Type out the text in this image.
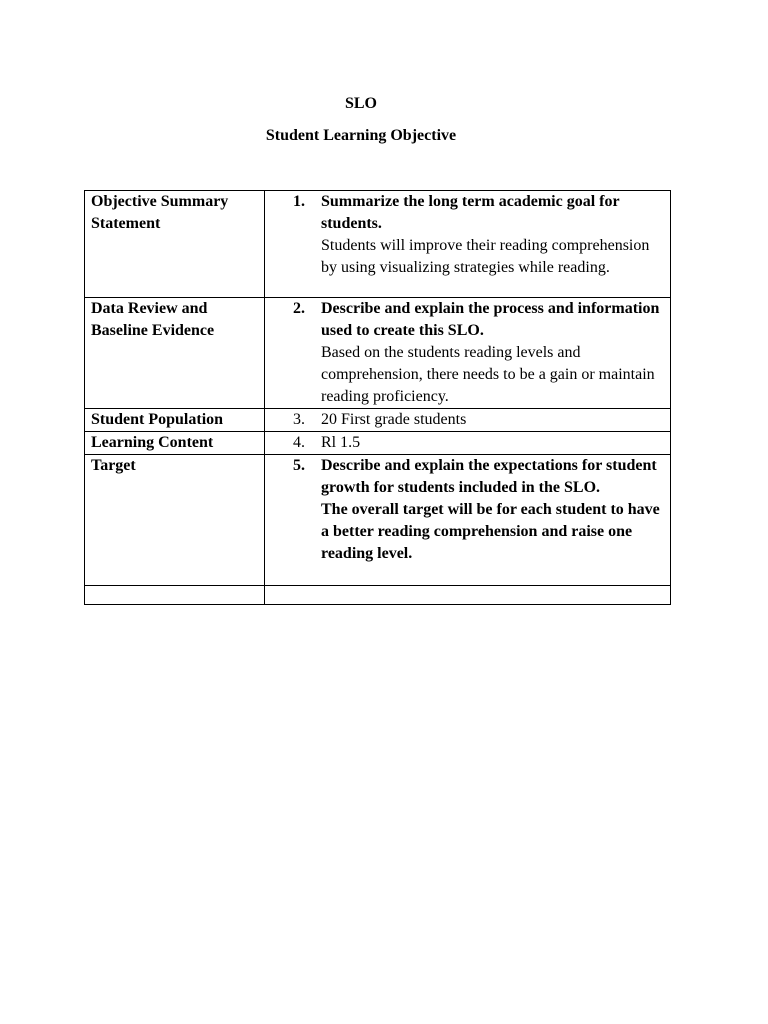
SLO
Student Learning Objective
Objective Summary Statement	1. Summarize the long term academic goal for students.
Students will improve their reading comprehension by using visualizing strategies while reading.

Data Review and Baseline Evidence	2. Describe and explain the process and information used to create this SLO.
Based on the students reading levels and comprehension, there needs to be a gain or maintain reading proficiency.

Student Population	3. 20 First grade students

Learning Content	4. Rl 1.5

Target	5. Describe and explain the expectations for student growth for students included in the SLO.
The overall target will be for each student to have a better reading comprehension and raise one reading level.
